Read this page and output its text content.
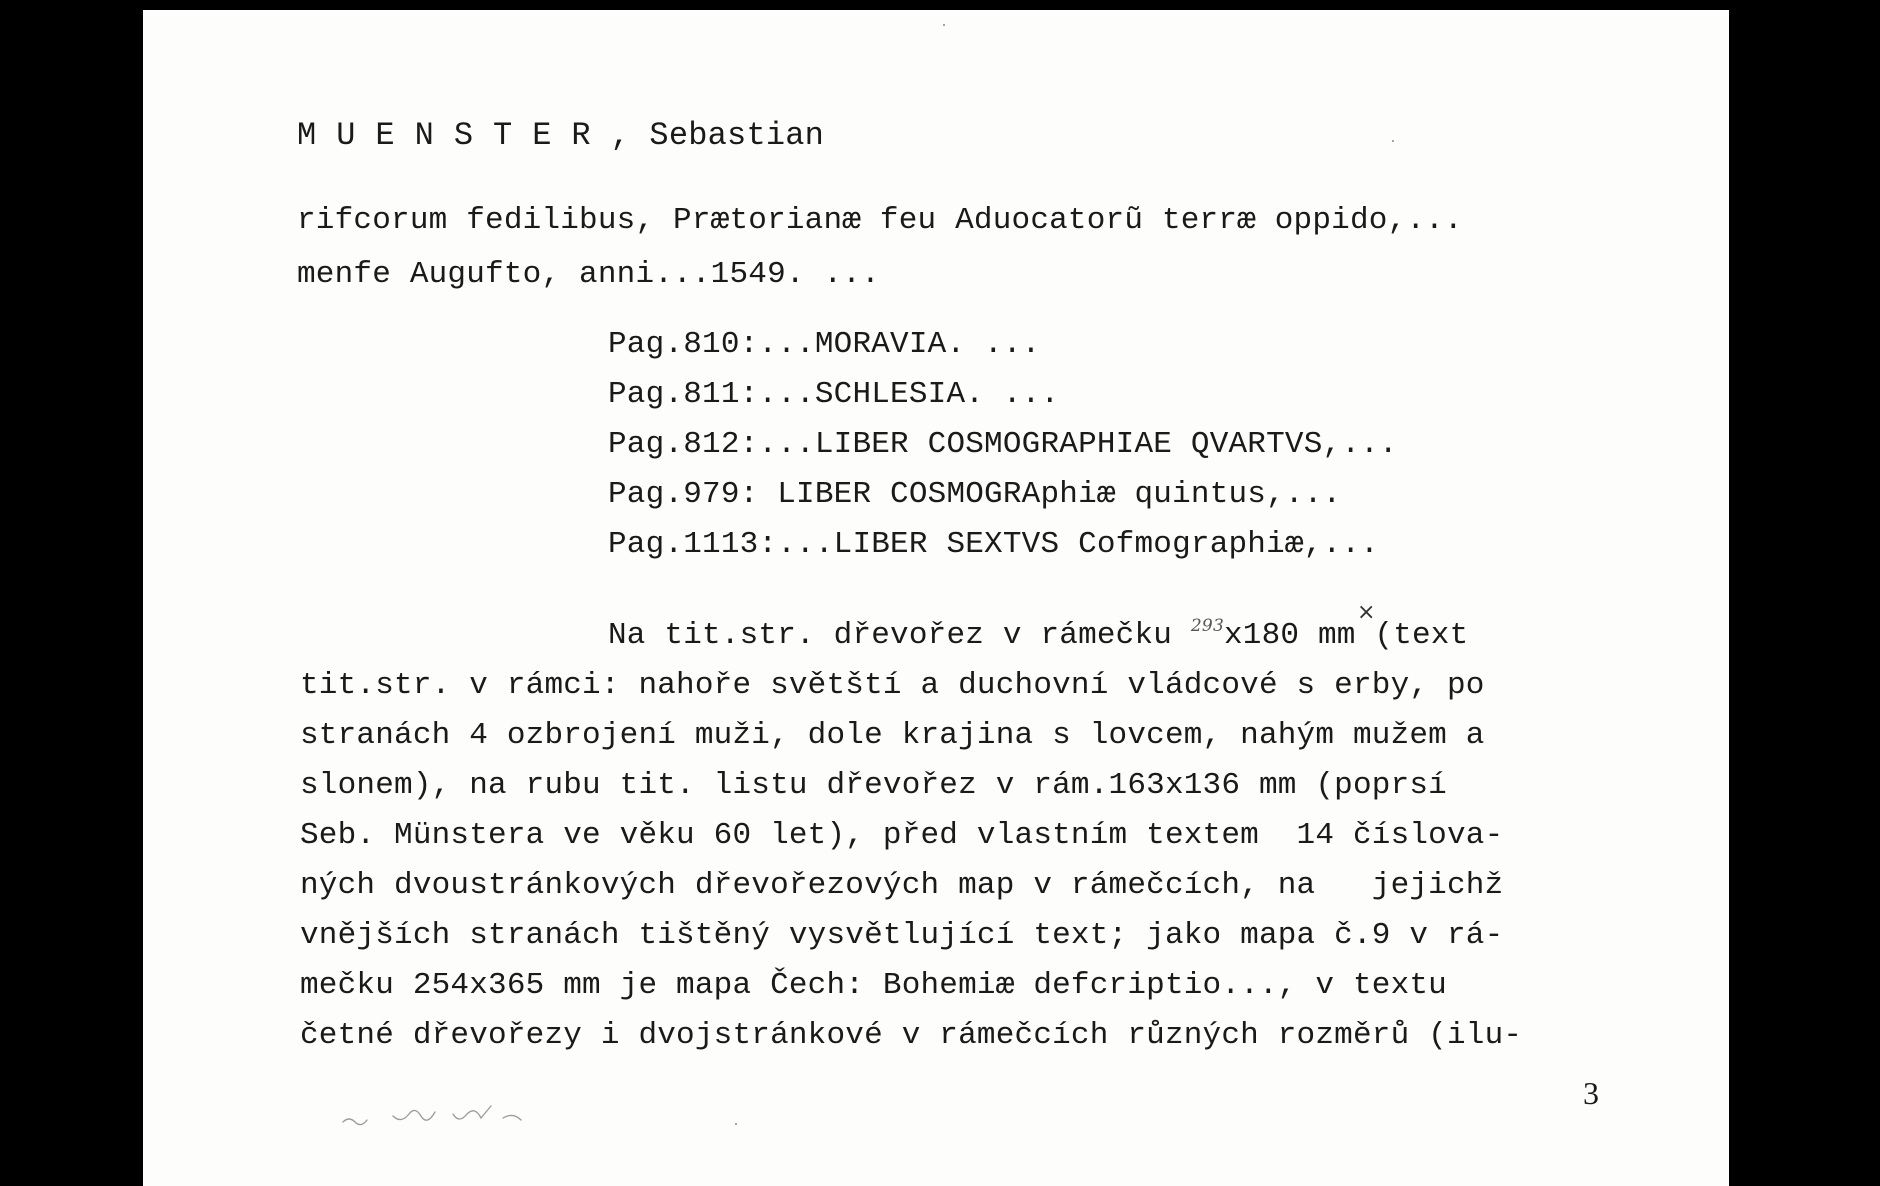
MUENSTER, Sebastian
rifcorum fedilibus, Prætorianæ feu Aduocatorũ terræ oppido,...
menfe Augufto, anni...1549. ...
Pag.810:...MORAVIA. ...
Pag.811:...SCHLESIA. ...
Pag.812:...LIBER COSMOGRAPHIAE QVARTVS,...
Pag.979: LIBER COSMOGRAphiæ quintus,...
Pag.1113:...LIBER SEXTVS Cofmographiæ,...
Na tit.str. dřevořez v rámečku $^{293}$x180 mm (text
×
tit.str. v rámci: nahoře světští a duchovní vládcové s erby, po
stranách 4 ozbrojení muži, dole krajina s lovcem, nahým mužem a
slonem), na rubu tit. listu dřevořez v rám.163x136 mm (poprsí
Seb. Münstera ve věku 60 let), před vlastním textem  14 číslova-
ných dvoustránkových dřevořezových map v rámečcích, na   jejichž
vnějších stranách tištěný vysvětlující text; jako mapa č.9 v rá-
mečku 254x365 mm je mapa Čech: Bohemiæ defcriptio..., v textu
četné dřevořezy i dvojstránkové v rámečcích různých rozměrů (ilu-
3
